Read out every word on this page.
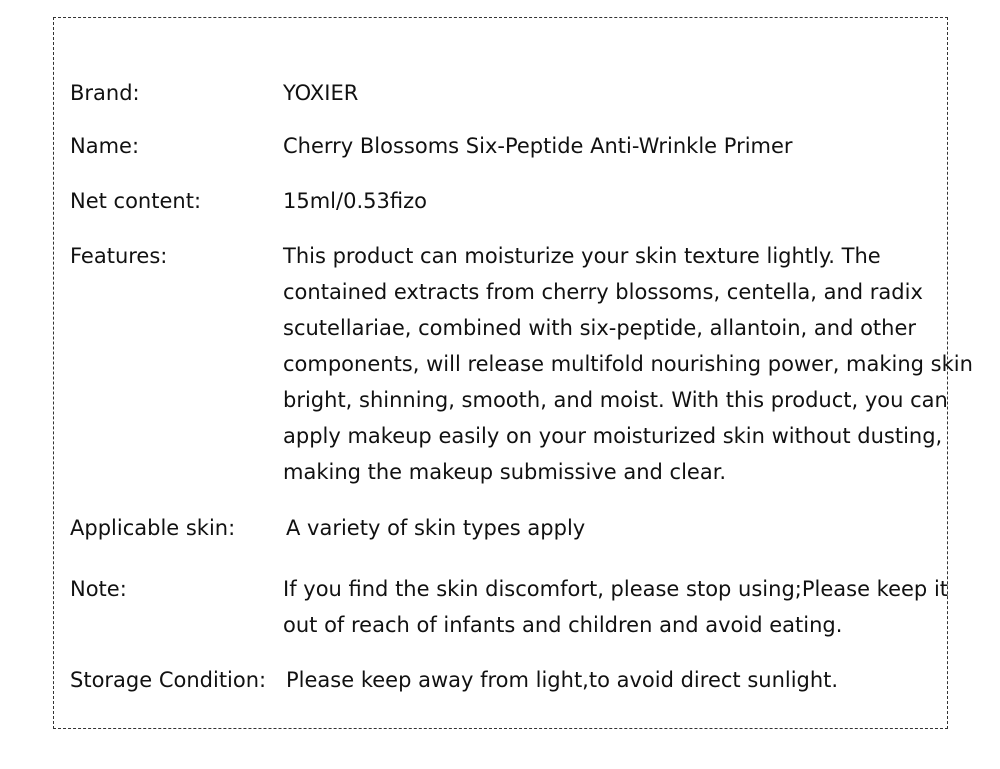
Brand:	YOXIER
Name:	Cherry Blossoms Six-Peptide Anti-Wrinkle Primer
Net content:	15ml/0.53fizo
Features:	This product can moisturize your skin texture lightly. The
contained extracts from cherry blossoms, centella, and radix
scutellariae, combined with six-peptide, allantoin, and other
components, will release multifold nourishing power, making skin
bright, shinning, smooth, and moist. With this product, you can
apply makeup easily on your moisturized skin without dusting,
making the makeup submissive and clear.
Applicable skin: A variety of skin types apply
Note:	If you find the skin discomfort, please stop using;Please keep it
out of reach of infants and children and avoid eating.
Storage Condition: Please keep away from light,to avoid direct sunlight.
